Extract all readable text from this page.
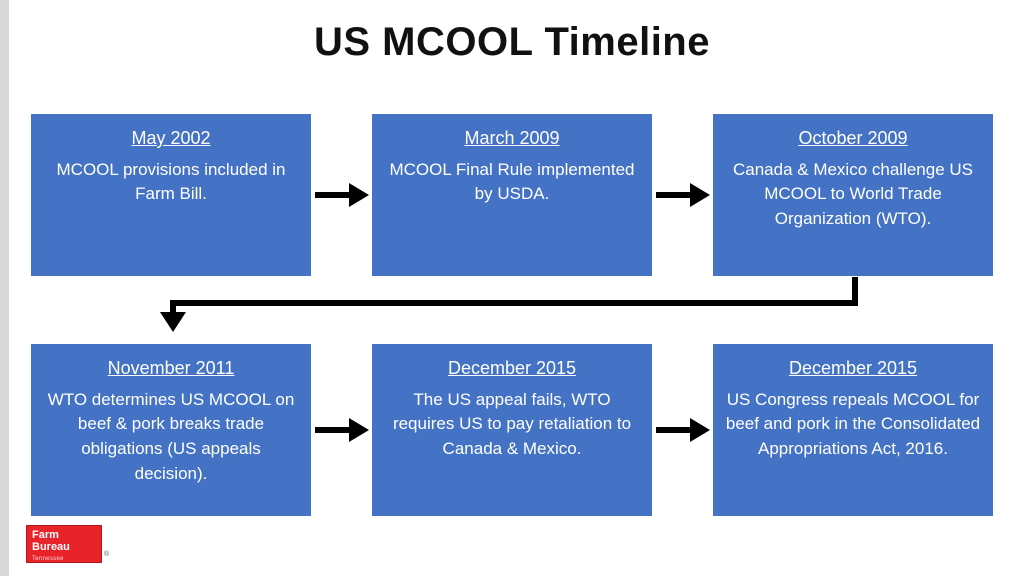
US MCOOL Timeline
May 2002
MCOOL provisions included in Farm Bill.
March 2009
MCOOL Final Rule implemented by USDA.
October 2009
Canada & Mexico challenge US MCOOL to World Trade Organization (WTO).
November 2011
WTO determines US MCOOL on beef & pork breaks trade obligations (US appeals decision).
December 2015
The US appeal fails, WTO requires US to pay retaliation to Canada & Mexico.
December 2015
US Congress repeals MCOOL for beef and pork in the Consolidated Appropriations Act, 2016.
Farm
Bureau
Tennessee
®
